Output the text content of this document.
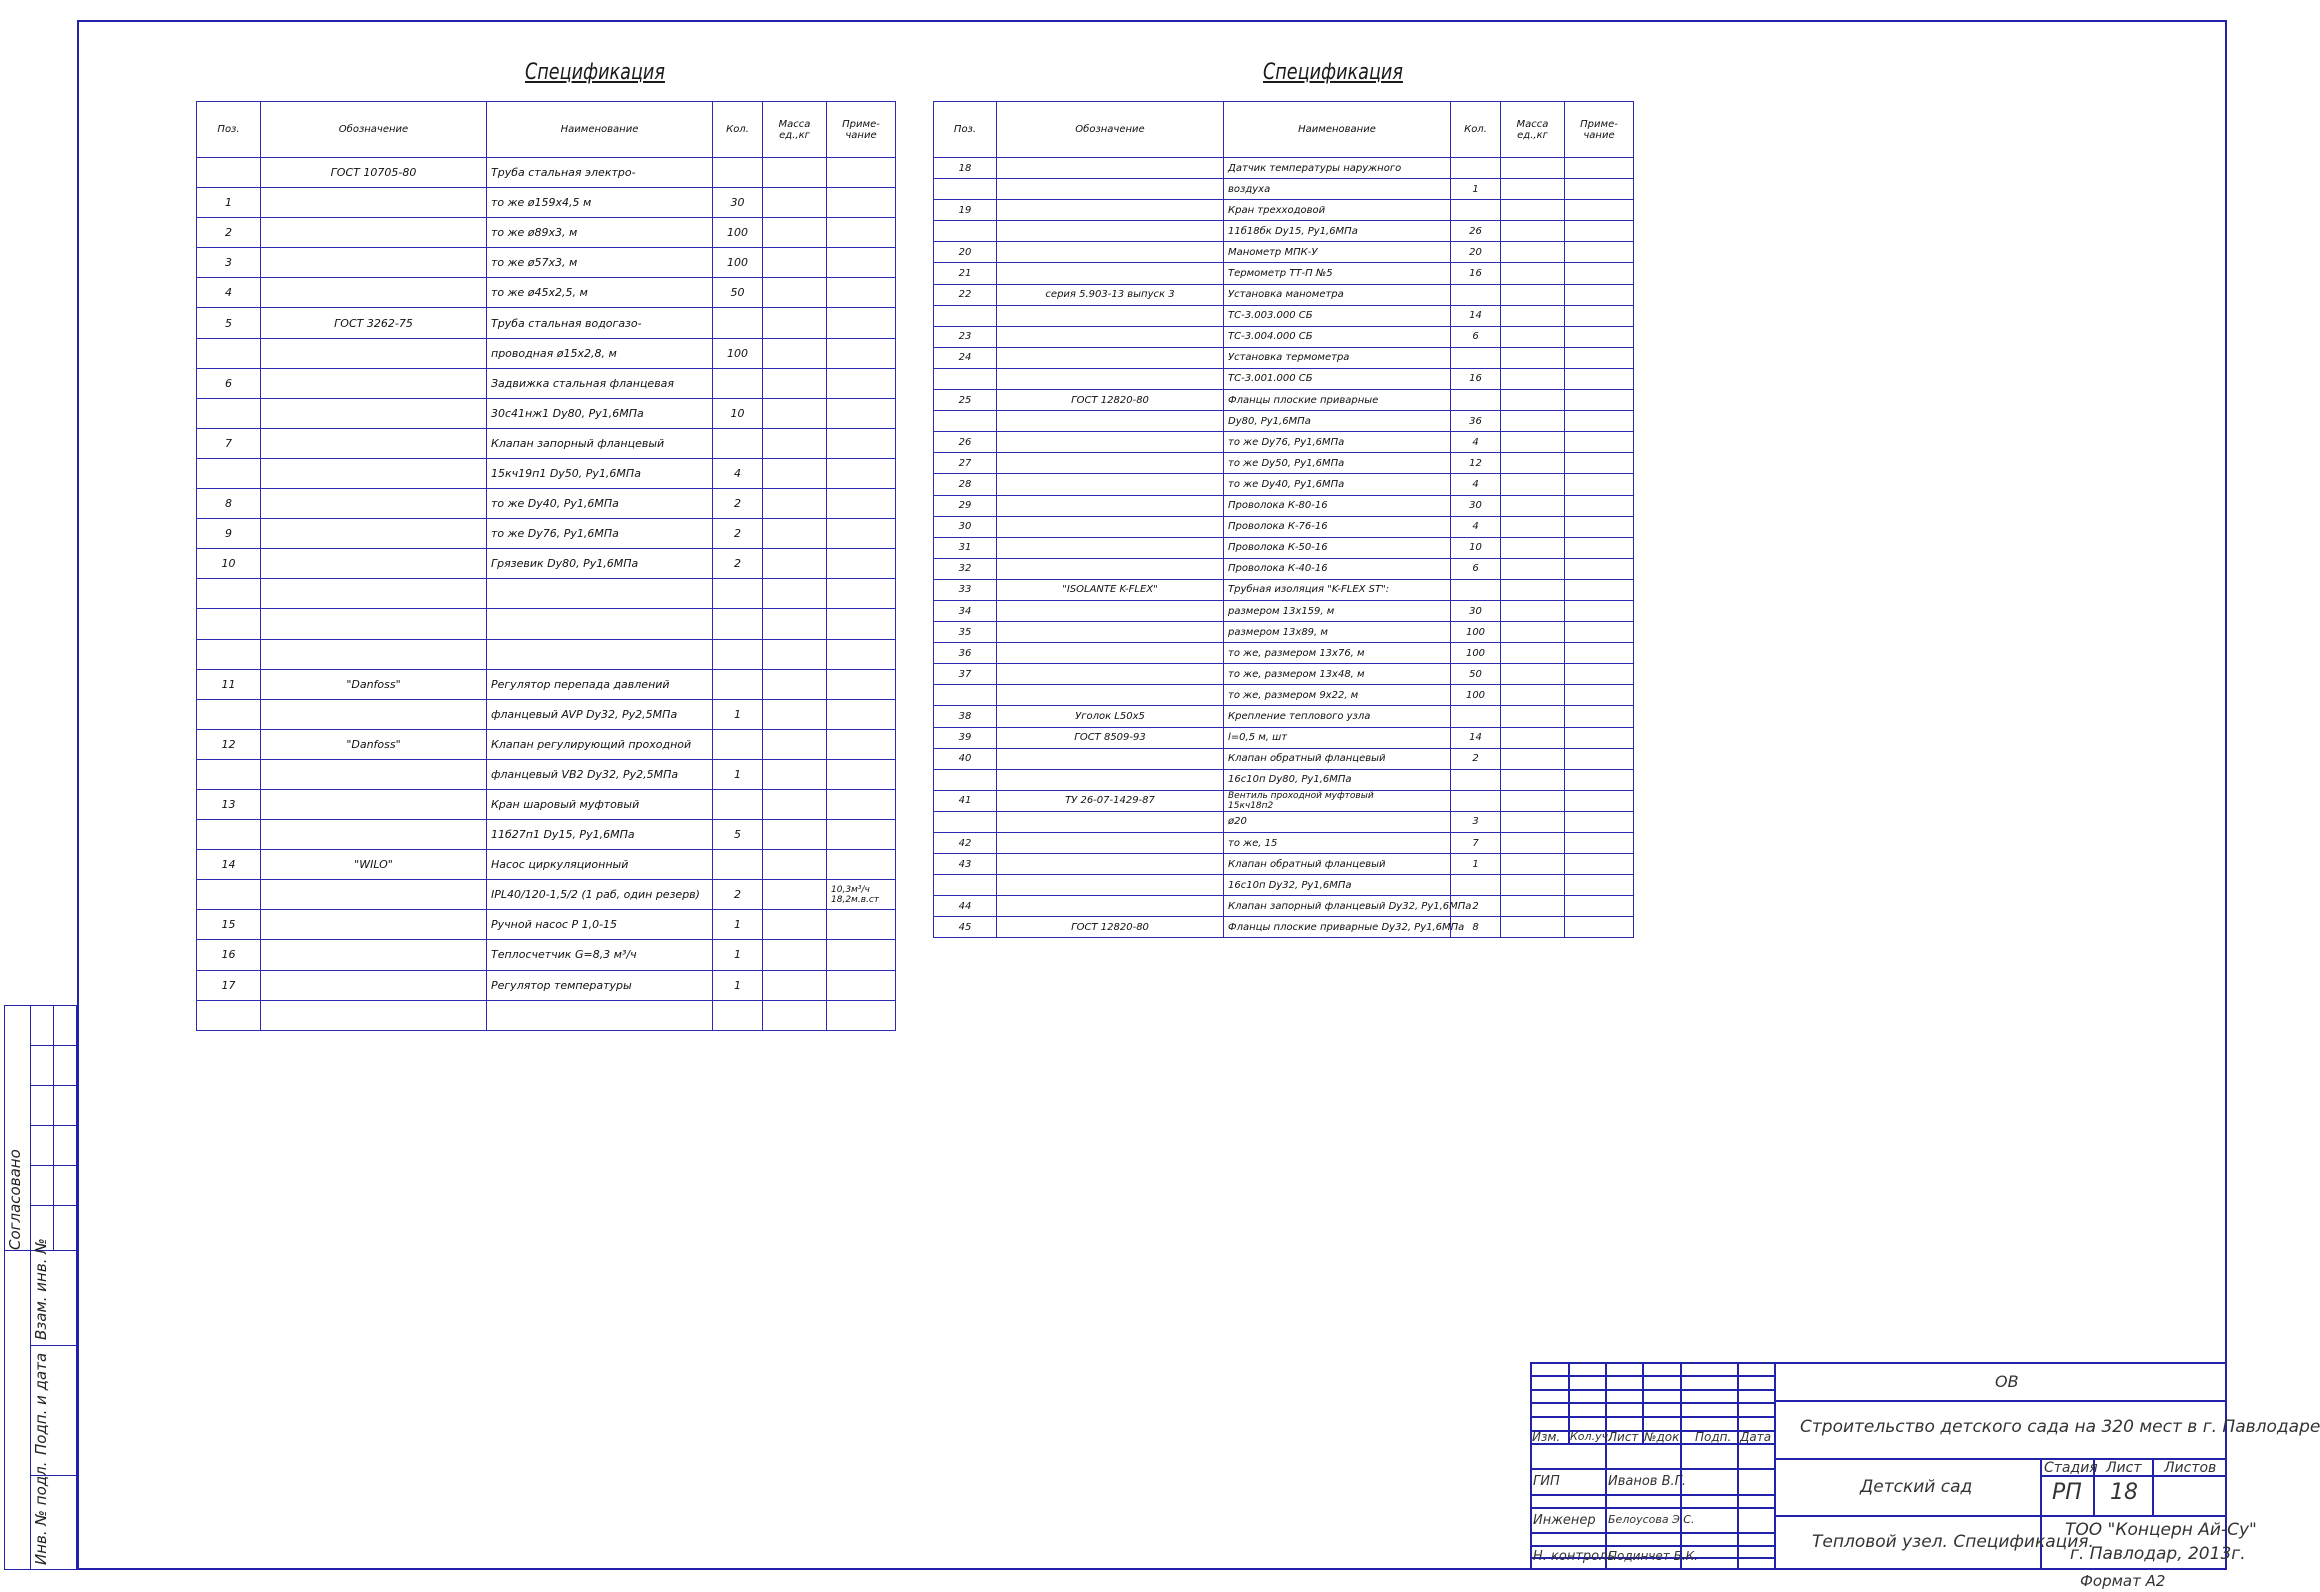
Спецификация
Поз.	Обозначение	Наименование	Кол.	Масса ед.,кг	Приме-чание
	ГОСТ 10705-80	Труба стальная электро-			
1		то же ø159х4,5 м	30		
2		то же ø89х3, м	100		
3		то же ø57х3, м	100		
4		то же ø45х2,5, м	50		
5	ГОСТ 3262-75	Труба стальная водогазо-			
		проводная ø15х2,8, м	100		
6		Задвижка стальная фланцевая			
		30с41нж1 Dy80, Py1,6МПа	10		
7		Клапан запорный фланцевый			
		15кч19п1 Dy50, Py1,6МПа	4		
8		то же Dy40, Py1,6МПа	2		
9		то же Dy76, Py1,6МПа	2		
10		Грязевик Dy80, Py1,6МПа	2		

11	"Danfoss"	Регулятор перепада давлений			
		фланцевый AVP Dy32, Py2,5МПа	1		
12	"Danfoss"	Клапан регулирующий проходной			
		фланцевый VB2 Dy32, Py2,5МПа	1		
13		Кран шаровый муфтовый			
		11б27п1 Dy15, Py1,6МПа	5		
14	"WILO"	Насос циркуляционный			
		IPL40/120-1,5/2 (1 раб, один резерв)	2		10,3м³/ч
18,2м.в.ст
15		Ручной насос Р 1,0-15	1		
16		Теплосчетчик G=8,3 м³/ч	1		
17		Регулятор температуры	1		

Спецификация
Поз.	Обозначение	Наименование	Кол.	Масса ед.,кг	Приме-чание
18		Датчик температуры наружного			
		воздуха	1		
19		Кран трехходовой			
		11б18бк Dy15, Py1,6МПа	26		
20		Манометр МПК-У	20		
21		Термометр ТТ-П №5	16		
22	серия 5.903-13 выпуск 3	Установка манометра			
		ТС-3.003.000 СБ	14		
23		ТС-3.004.000 СБ	6		
24		Установка термометра			
		ТС-3.001.000 СБ	16		
25	ГОСТ 12820-80	Фланцы плоские приварные			
		Dy80, Py1,6МПа	36		
26		то же Dy76, Py1,6МПа	4		
27		то же Dy50, Py1,6МПа	12		
28		то же Dy40, Py1,6МПа	4		
29		Проволока К-80-16	30		
30		Проволока К-76-16	4		
31		Проволока К-50-16	10		
32		Проволока К-40-16	6		
33	"ISOLANTE K-FLEX"	Трубная изоляция "K-FLEX ST":			
34		размером 13х159, м	30		
35		размером 13х89, м	100		
36		то же, размером 13х76, м	100		
37		то же, размером 13х48, м	50		
		то же, размером 9х22, м	100		
38	Уголок L50х5	Крепление теплового узла			
39	ГОСТ 8509-93	l=0,5 м, шт	14		
40		Клапан обратный фланцевый	2		
		16с10п Dy80, Py1,6МПа			
41	ТУ 26-07-1429-87	Вентиль проходной муфтовый
15кч18п2			
		ø20	3		
42		то же, 15	7		
43		Клапан обратный фланцевый	1		
		16с10п Dy32, Py1,6МПа			
44		Клапан запорный фланцевый Dy32, Py1,6МПа	2		
45	ГОСТ 12820-80	Фланцы плоские приварные Dy32, Py1,6МПа	8		
Согласовано
Взам. инв. №
Подп. и дата
Инв. № подл.
ОВ
Строительство детского сада на 320 мест в г. Павлодаре
Детский сад
Тепловой узел. Спецификация.
Стадия Лист Листов
РП 18
ТОО "Концерн Ай-Су"
г. Павлодар, 2013г.
Формат А2
Изм. Кол.уч.
Лист №док. Подп. Дата
ГИП	Иванов В.Г.
Инженер Белоусова Э.С.
Н. контроль
Подинчет Б.К.
